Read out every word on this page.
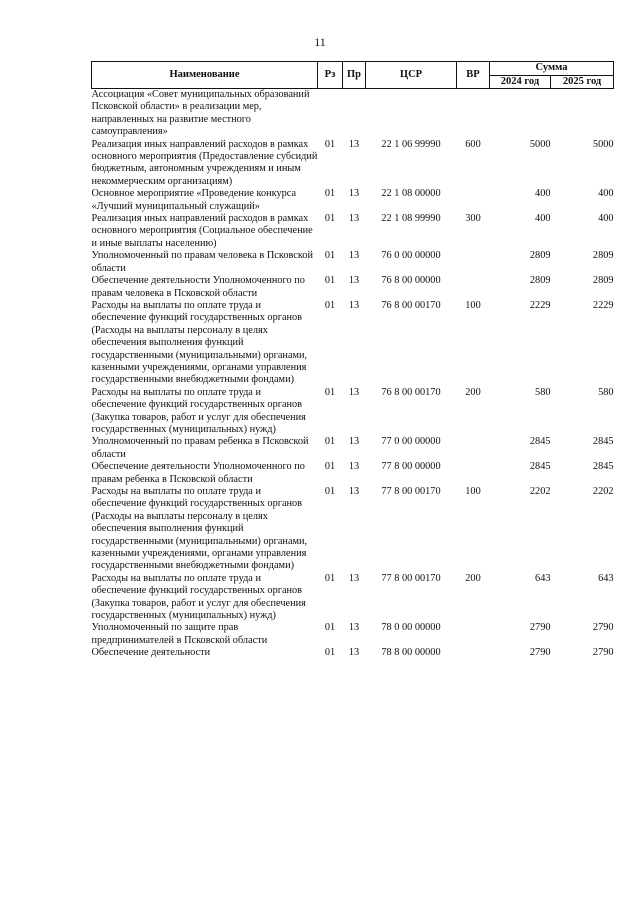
11
Наименование	Рз	Пр	ЦСР	ВР	Сумма	
					2024 год	2025 год
Ассоциация «Совет муниципальных образований Псковской области» в реализации мер, направленных на развитие местного самоуправления»						
Реализация иных направлений расходов в рамках основного мероприятия (Предоставление субсидий бюджетным, автономным учреждениям и иным некоммерческим организациям)	01	13	22 1 06 99990	600	5000	5000
Основное мероприятие «Проведение конкурса «Лучший муниципальный служащий»	01	13	22 1 08 00000		400	400
Реализация иных направлений расходов в рамках основного мероприятия (Социальное обеспечение и иные выплаты населению)	01	13	22 1 08 99990	300	400	400
Уполномоченный по правам человека в Псковской области	01	13	76 0 00 00000		2809	2809
Обеспечение деятельности Уполномоченного по правам человека в Псковской области	01	13	76 8 00 00000		2809	2809
Расходы на выплаты по оплате труда и обеспечение функций государственных органов (Расходы на выплаты персоналу в целях обеспечения выполнения функций государственными (муниципальными) органами, казенными учреждениями, органами управления государственными внебюджетными фондами)	01	13	76 8 00 00170	100	2229	2229
Расходы на выплаты по оплате труда и обеспечение функций государственных органов (Закупка товаров, работ и услуг для обеспечения государственных (муниципальных) нужд)	01	13	76 8 00 00170	200	580	580
Уполномоченный по правам ребенка в Псковской области	01	13	77 0 00 00000		2845	2845
Обеспечение деятельности Уполномоченного по правам ребенка в Псковской области	01	13	77 8 00 00000		2845	2845
Расходы на выплаты по оплате труда и обеспечение функций государственных органов (Расходы на выплаты персоналу в целях обеспечения выполнения функций государственными (муниципальными) органами, казенными учреждениями, органами управления государственными внебюджетными фондами)	01	13	77 8 00 00170	100	2202	2202
Расходы на выплаты по оплате труда и обеспечение функций государственных органов (Закупка товаров, работ и услуг для обеспечения государственных (муниципальных) нужд)	01	13	77 8 00 00170	200	643	643
Уполномоченный по защите прав предпринимателей в Псковской области	01	13	78 0 00 00000		2790	2790
Обеспечение деятельности	01	13	78 8 00 00000		2790	2790
